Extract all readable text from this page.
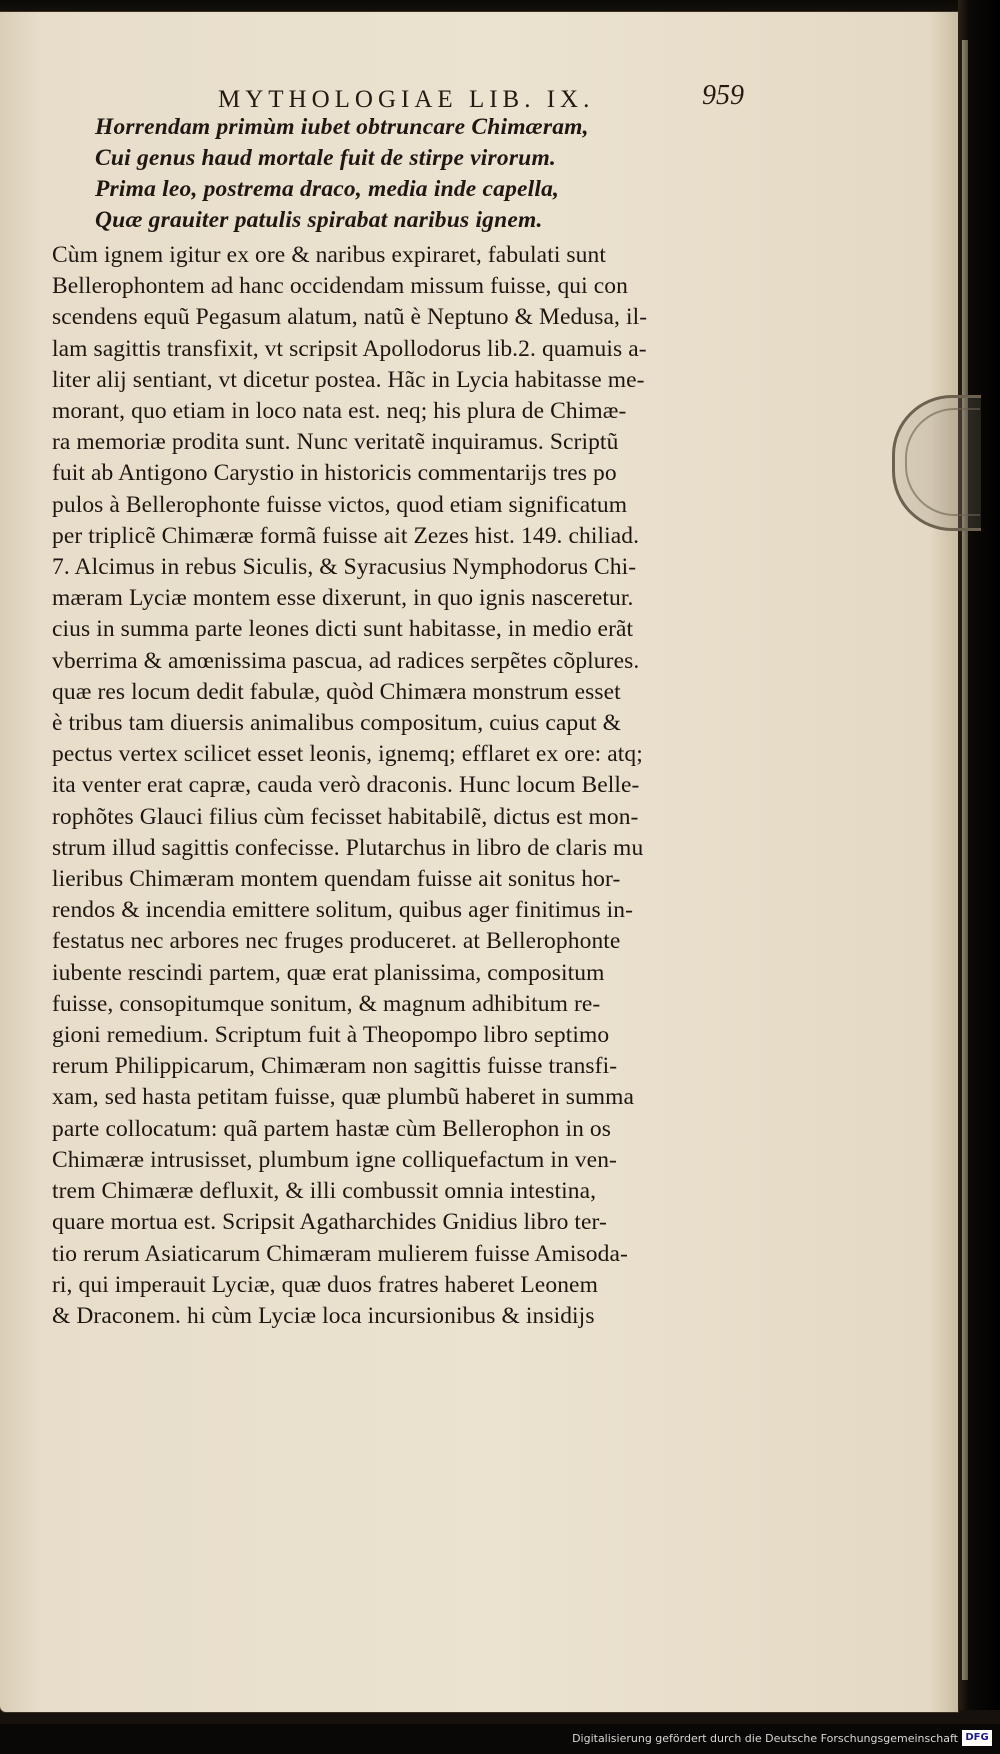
MYTHOLOGIAE LIB. IX.	959
Horrendam primùm iubet obtruncare Chimæram,
Cui genus haud mortale fuit de stirpe virorum.
Prima leo, postrema draco, media inde capella,
Quæ grauiter patulis spirabat naribus ignem.
Cùm ignem igitur ex ore & naribus expiraret, fabulati sunt
Bellerophontem ad hanc occidendam missum fuisse, qui con
scendens equũ Pegasum alatum, natũ è Neptuno & Medusa, il-
lam sagittis transfixit, vt scripsit Apollodorus lib.2. quamuis a-
liter alij sentiant, vt dicetur postea. Hãc in Lycia habitasse me-
morant, quo etiam in loco nata est. neq; his plura de Chimæ-
ra memoriæ prodita sunt. Nunc veritatẽ inquiramus. Scriptũ
fuit ab Antigono Carystio in historicis commentarijs tres po
pulos à Bellerophonte fuisse victos, quod etiam significatum
per triplicẽ Chimæræ formã fuisse ait Zezes hist. 149. chiliad.
7. Alcimus in rebus Siculis, & Syracusius Nymphodorus Chi-
mæram Lyciæ montem esse dixerunt, in quo ignis nasceretur.
cius in summa parte leones dicti sunt habitasse, in medio erãt
vberrima & amœnissima pascua, ad radices serpẽtes cõplures.
quæ res locum dedit fabulæ, quòd Chimæra monstrum esset
è tribus tam diuersis animalibus compositum, cuius caput &
pectus vertex scilicet esset leonis, ignemq; efflaret ex ore: atq;
ita venter erat capræ, cauda verò draconis. Hunc locum Belle-
rophõtes Glauci filius cùm fecisset habitabilẽ, dictus est mon-
strum illud sagittis confecisse. Plutarchus in libro de claris mu
lieribus Chimæram montem quendam fuisse ait sonitus hor-
rendos & incendia emittere solitum, quibus ager finitimus in-
festatus nec arbores nec fruges produceret. at Bellerophonte
iubente rescindi partem, quæ erat planissima, compositum
fuisse, consopitumque sonitum, & magnum adhibitum re-
gioni remedium. Scriptum fuit à Theopompo libro septimo
rerum Philippicarum, Chimæram non sagittis fuisse transfi-
xam, sed hasta petitam fuisse, quæ plumbũ haberet in summa
parte collocatum: quã partem hastæ cùm Bellerophon in os
Chimæræ intrusisset, plumbum igne colliquefactum in ven-
trem Chimæræ defluxit, & illi combussit omnia intestina,
quare mortua est. Scripsit Agatharchides Gnidius libro ter-
tio rerum Asiaticarum Chimæram mulierem fuisse Amisoda-
ri, qui imperauit Lyciæ, quæ duos fratres haberet Leonem
& Draconem. hi cùm Lyciæ loca incursionibus & insidijs
Digitalisierung gefördert durch die Deutsche Forschungsgemeinschaft DFG
